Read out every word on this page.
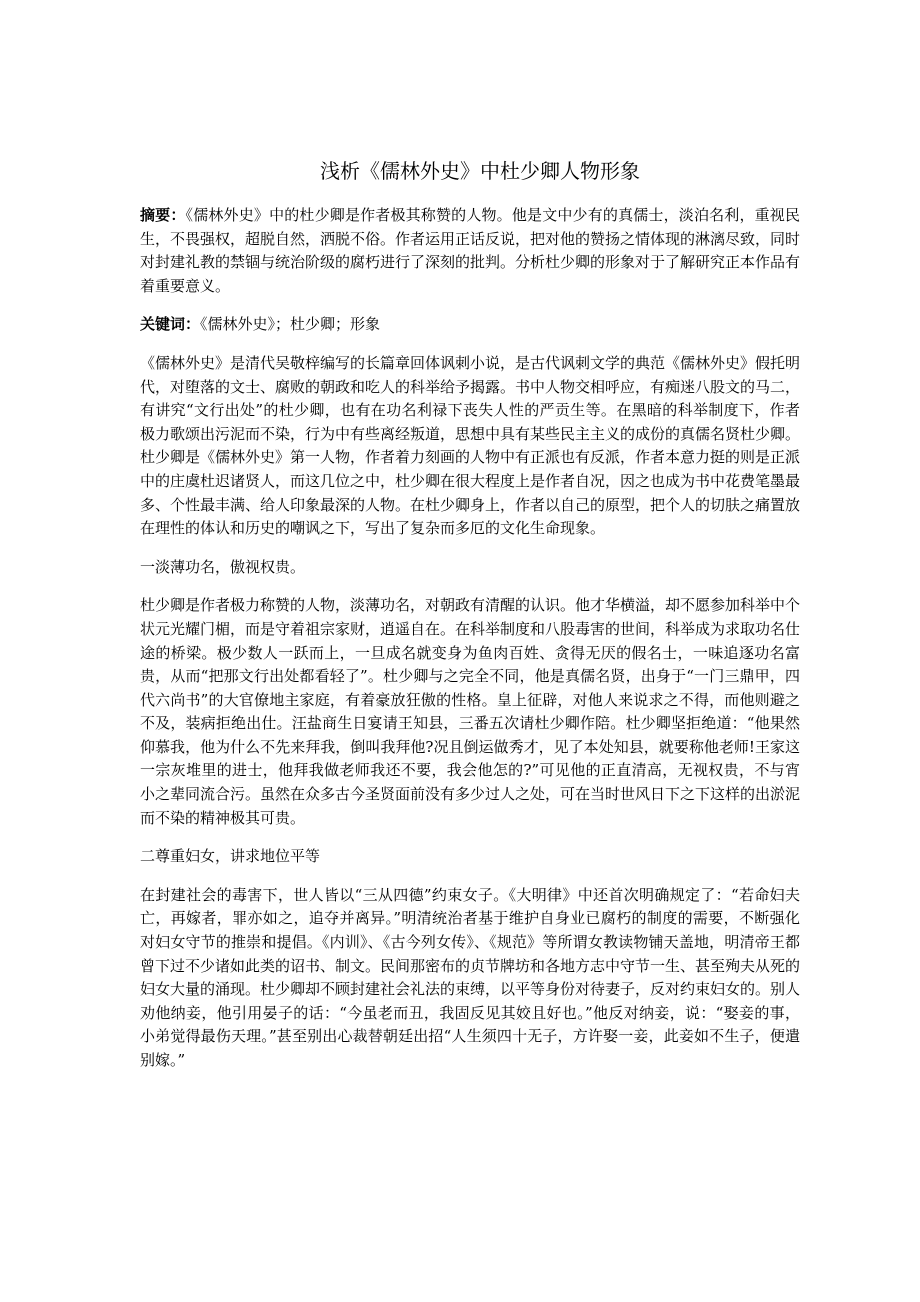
浅析《儒林外史》中杜少卿人物形象

摘要：《儒林外史》中的杜少卿是作者极其称赞的人物。他是文中少有的真儒士，淡泊名利，重视民生，不畏强权，超脱自然，洒脱不俗。作者运用正话反说，把对他的赞扬之情体现的淋漓尽致，同时对封建礼教的禁锢与统治阶级的腐朽进行了深刻的批判。分析杜少卿的形象对于了解研究正本作品有着重要意义。

关键词：《儒林外史》；杜少卿；形象

《儒林外史》是清代吴敬梓编写的长篇章回体讽刺小说，是古代讽刺文学的典范《儒林外史》假托明代，对堕落的文士、腐败的朝政和吃人的科举给予揭露。书中人物交相呼应，有痴迷八股文的马二，有讲究“文行出处”的杜少卿，也有在功名利禄下丧失人性的严贡生等。在黑暗的科举制度下，作者极力歌颂出污泥而不染，行为中有些离经叛道，思想中具有某些民主主义的成份的真儒名贤杜少卿。杜少卿是《儒林外史》第一人物，作者着力刻画的人物中有正派也有反派，作者本意力挺的则是正派中的庄虞杜迟诸贤人，而这几位之中，杜少卿在很大程度上是作者自况，因之也成为书中花费笔墨最多、个性最丰满、给人印象最深的人物。在杜少卿身上，作者以自己的原型，把个人的切肤之痛置放在理性的体认和历史的嘲讽之下，写出了复杂而多厄的文化生命现象。

一淡薄功名，傲视权贵。

杜少卿是作者极力称赞的人物，淡薄功名，对朝政有清醒的认识。他才华横溢，却不愿参加科举中个状元光耀门楣，而是守着祖宗家财，逍遥自在。在科举制度和八股毒害的世间，科举成为求取功名仕途的桥梁。极少数人一跃而上，一旦成名就变身为鱼肉百姓、贪得无厌的假名士，一味追逐功名富贵，从而“把那文行出处都看轻了”。杜少卿与之完全不同，他是真儒名贤，出身于“一门三鼎甲，四代六尚书”的大官僚地主家庭，有着豪放狂傲的性格。皇上征辟，对他人来说求之不得，而他则避之不及，装病拒绝出仕。汪盐商生日宴请王知县，三番五次请杜少卿作陪。杜少卿坚拒绝道：“他果然仰慕我，他为什么不先来拜我，倒叫我拜他?况且倒运做秀才，见了本处知县，就要称他老师!王家这一宗灰堆里的进士，他拜我做老师我还不要，我会他怎的?”可见他的正直清高，无视权贵，不与宵小之辈同流合污。虽然在众多古今圣贤面前没有多少过人之处，可在当时世风日下之下这样的出淤泥而不染的精神极其可贵。

二尊重妇女，讲求地位平等

在封建社会的毒害下，世人皆以“三从四德”约束女子。《大明律》中还首次明确规定了：“若命妇夫亡，再嫁者，罪亦如之，追夺并离异。”明清统治者基于维护自身业已腐朽的制度的需要，不断强化对妇女守节的推崇和提倡。《内训》、《古今列女传》、《规范》等所谓女教读物铺天盖地，明清帝王都曾下过不少诸如此类的诏书、制文。民间那密布的贞节牌坊和各地方志中守节一生、甚至殉夫从死的妇女大量的涌现。杜少卿却不顾封建社会礼法的束缚，以平等身份对待妻子，反对约束妇女的。别人劝他纳妾，他引用晏子的话：“今虽老而丑，我固反见其姣且好也。”他反对纳妾，说：“娶妾的事，小弟觉得最伤天理。”甚至别出心裁替朝廷出招“人生须四十无子，方许娶一妾，此妾如不生子，便遣别嫁。”
